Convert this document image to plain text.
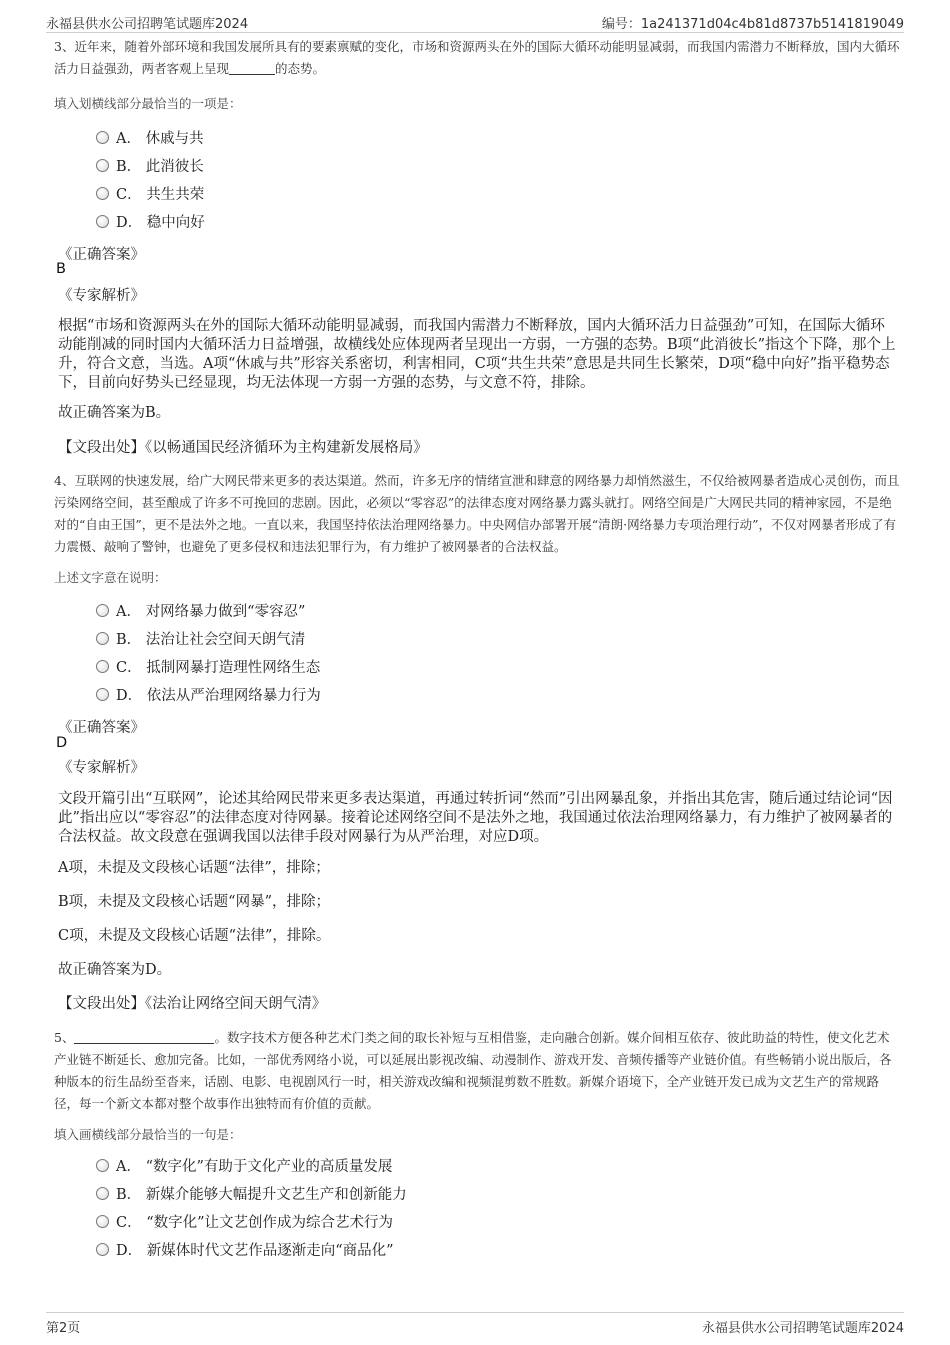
永福县供水公司招聘笔试题库2024	编号：1a241371d04c4b81d8737b5141819049
3、近年来，随着外部环境和我国发展所具有的要素禀赋的变化，市场和资源两头在外的国际大循环动能明显减弱，而我国内需潜力不断释放，国内大循环活力日益强劲，两者客观上呈现	的态势。
填入划横线部分最恰当的一项是：
A． 休戚与共
B． 此消彼长
C． 共生共荣
D． 稳中向好
《正确答案》
B
《专家解析》
根据“市场和资源两头在外的国际大循环动能明显减弱，而我国内需潜力不断释放，国内大循环活力日益强劲”可知，在国际大循环动能削减的同时国内大循环活力日益增强，故横线处应体现两者呈现出一方弱，一方强的态势。B项“此消彼长”指这个下降，那个上升，符合文意，当选。A项“休戚与共”形容关系密切，利害相同，C项“共生共荣”意思是共同生长繁荣，D项“稳中向好”指平稳势态下，目前向好势头已经显现，均无法体现一方弱一方强的态势，与文意不符，排除。
故正确答案为B。
【文段出处】《以畅通国民经济循环为主构建新发展格局》
4、互联网的快速发展，给广大网民带来更多的表达渠道。然而，许多无序的情绪宣泄和肆意的网络暴力却悄然滋生，不仅给被网暴者造成心灵创伤，而且污染网络空间，甚至酿成了许多不可挽回的悲剧。因此，必须以“零容忍”的法律态度对网络暴力露头就打。网络空间是广大网民共同的精神家园，不是绝对的“自由王国”，更不是法外之地。一直以来，我国坚持依法治理网络暴力。中央网信办部署开展“清朗·网络暴力专项治理行动”，不仅对网暴者形成了有力震慑、敲响了警钟，也避免了更多侵权和违法犯罪行为，有力维护了被网暴者的合法权益。
上述文字意在说明：
A． 对网络暴力做到“零容忍”
B． 法治让社会空间天朗气清
C． 抵制网暴打造理性网络生态
D． 依法从严治理网络暴力行为
《正确答案》
D
《专家解析》
文段开篇引出“互联网”，论述其给网民带来更多表达渠道，再通过转折词“然而”引出网暴乱象，并指出其危害，随后通过结论词“因此”指出应以“零容忍”的法律态度对待网暴。接着论述网络空间不是法外之地，我国通过依法治理网络暴力，有力维护了被网暴者的合法权益。故文段意在强调我国以法律手段对网暴行为从严治理，对应D项。
A项，未提及文段核心话题“法律”，排除；
B项，未提及文段核心话题“网暴”，排除；
C项，未提及文段核心话题“法律”，排除。
故正确答案为D。
【文段出处】《法治让网络空间天朗气清》
5、	。数字技术方便各种艺术门类之间的取长补短与互相借鉴，走向融合创新。媒介间相互依存、彼此助益的特性，使文化艺术产业链不断延长、愈加完备。比如，一部优秀网络小说，可以延展出影视改编、动漫制作、游戏开发、音频传播等产业链价值。有些畅销小说出版后，各种版本的衍生品纷至沓来，话剧、电影、电视剧风行一时，相关游戏改编和视频混剪数不胜数。新媒介语境下，全产业链开发已成为文艺生产的常规路径，每一个新文本都对整个故事作出独特而有价值的贡献。
填入画横线部分最恰当的一句是：
A． “数字化”有助于文化产业的高质量发展
B． 新媒介能够大幅提升文艺生产和创新能力
C． “数字化”让文艺创作成为综合艺术行为
D． 新媒体时代文艺作品逐渐走向“商品化”
第2页	永福县供水公司招聘笔试题库2024
